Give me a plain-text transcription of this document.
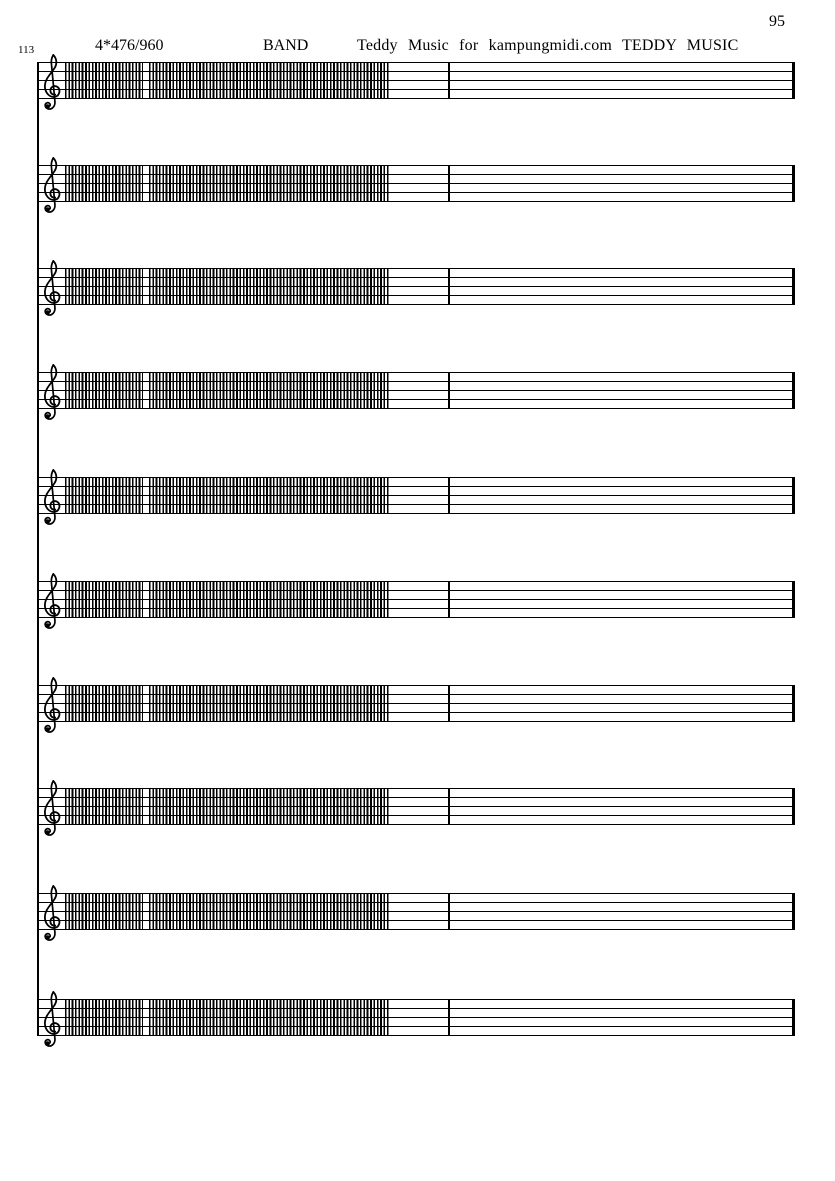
113	4*476/960	BAND	Teddy Music for kampungmidi.com TEDDY MUSIC
95
